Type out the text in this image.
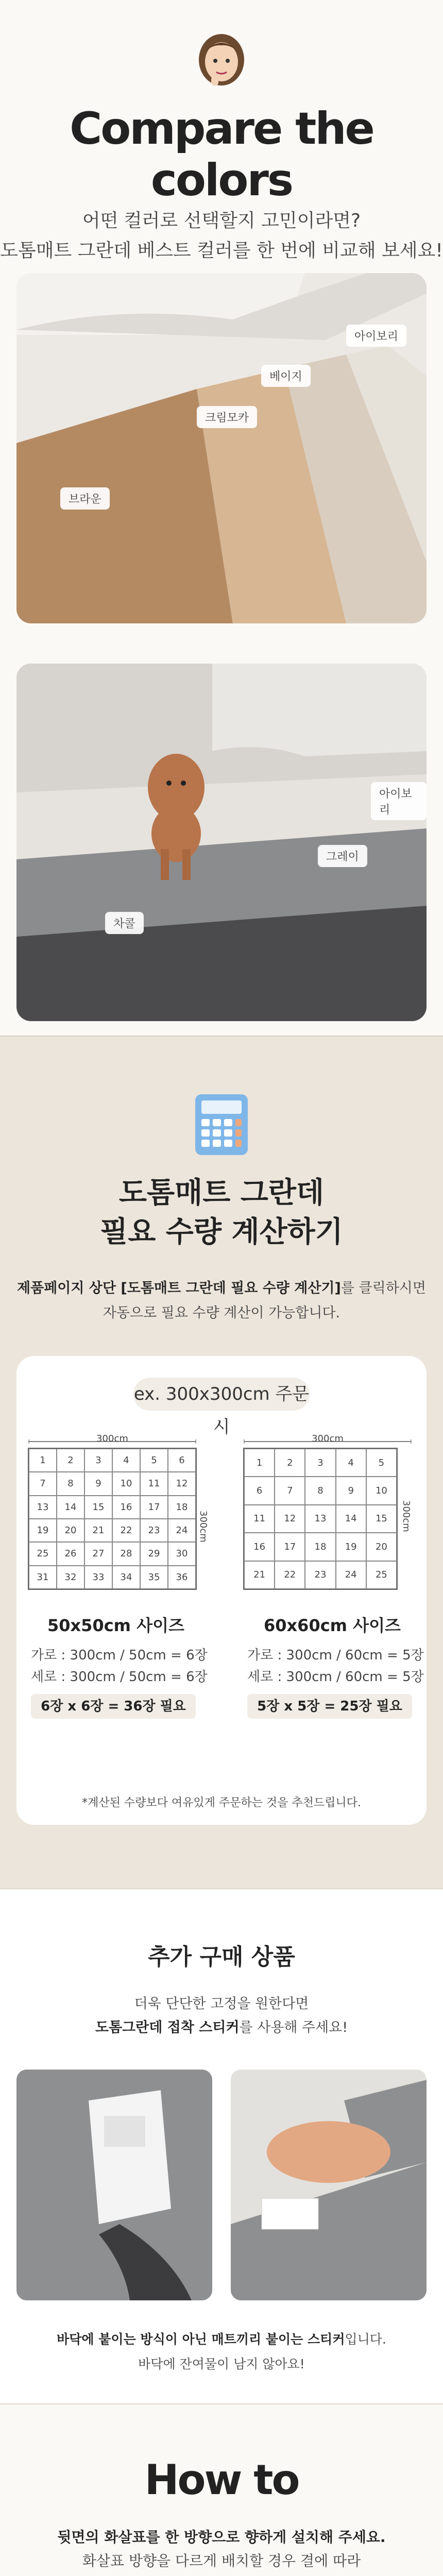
Compare the colors
어떤 컬러로 선택할지 고민이라면?
도톰매트 그란데 베스트 컬러를 한 번에 비교해 보세요!
아이보리
베이지
크림모카
브라운
아이보리
그레이
차콜
도톰매트 그란데
필요 수량 계산하기
제품페이지 상단 [도톰매트 그란데 필요 수량 계산기]를 클릭하시면
자동으로 필요 수량 계산이 가능합니다.
ex. 300x300cm 주문 시
300cm
1	2	3	4	5	6
7	8	9	10	11	12
13	14	15	16	17	18
19	20	21	22	23	24
25	26	27	28	29	30
31	32	33	34	35	36
50x50cm 사이즈
가로 : 300cm / 50cm = 6장
세로 : 300cm / 50cm = 6장
6장 x 6장 = 36장 필요
300cm
1	2	3	4	5
6	7	8	9	10
11	12	13	14	15
16	17	18	19	20
21	22	23	24	25
300cm
300cm
60x60cm 사이즈
가로 : 300cm / 60cm = 5장
세로 : 300cm / 60cm = 5장
5장 x 5장 = 25장 필요
*계산된 수량보다 여유있게 주문하는 것을 추천드립니다.
추가 구매 상품
더욱 단단한 고정을 원한다면
도톰그란데 접착 스티커를 사용해 주세요!
바닥에 붙이는 방식이 아닌 매트끼리 붙이는 스티커입니다.
바닥에 잔여물이 남지 않아요!
How to
뒷면의 화살표를 한 방향으로 향하게 설치해 주세요.
화살표 방향을 다르게 배치할 경우 결에 따라
